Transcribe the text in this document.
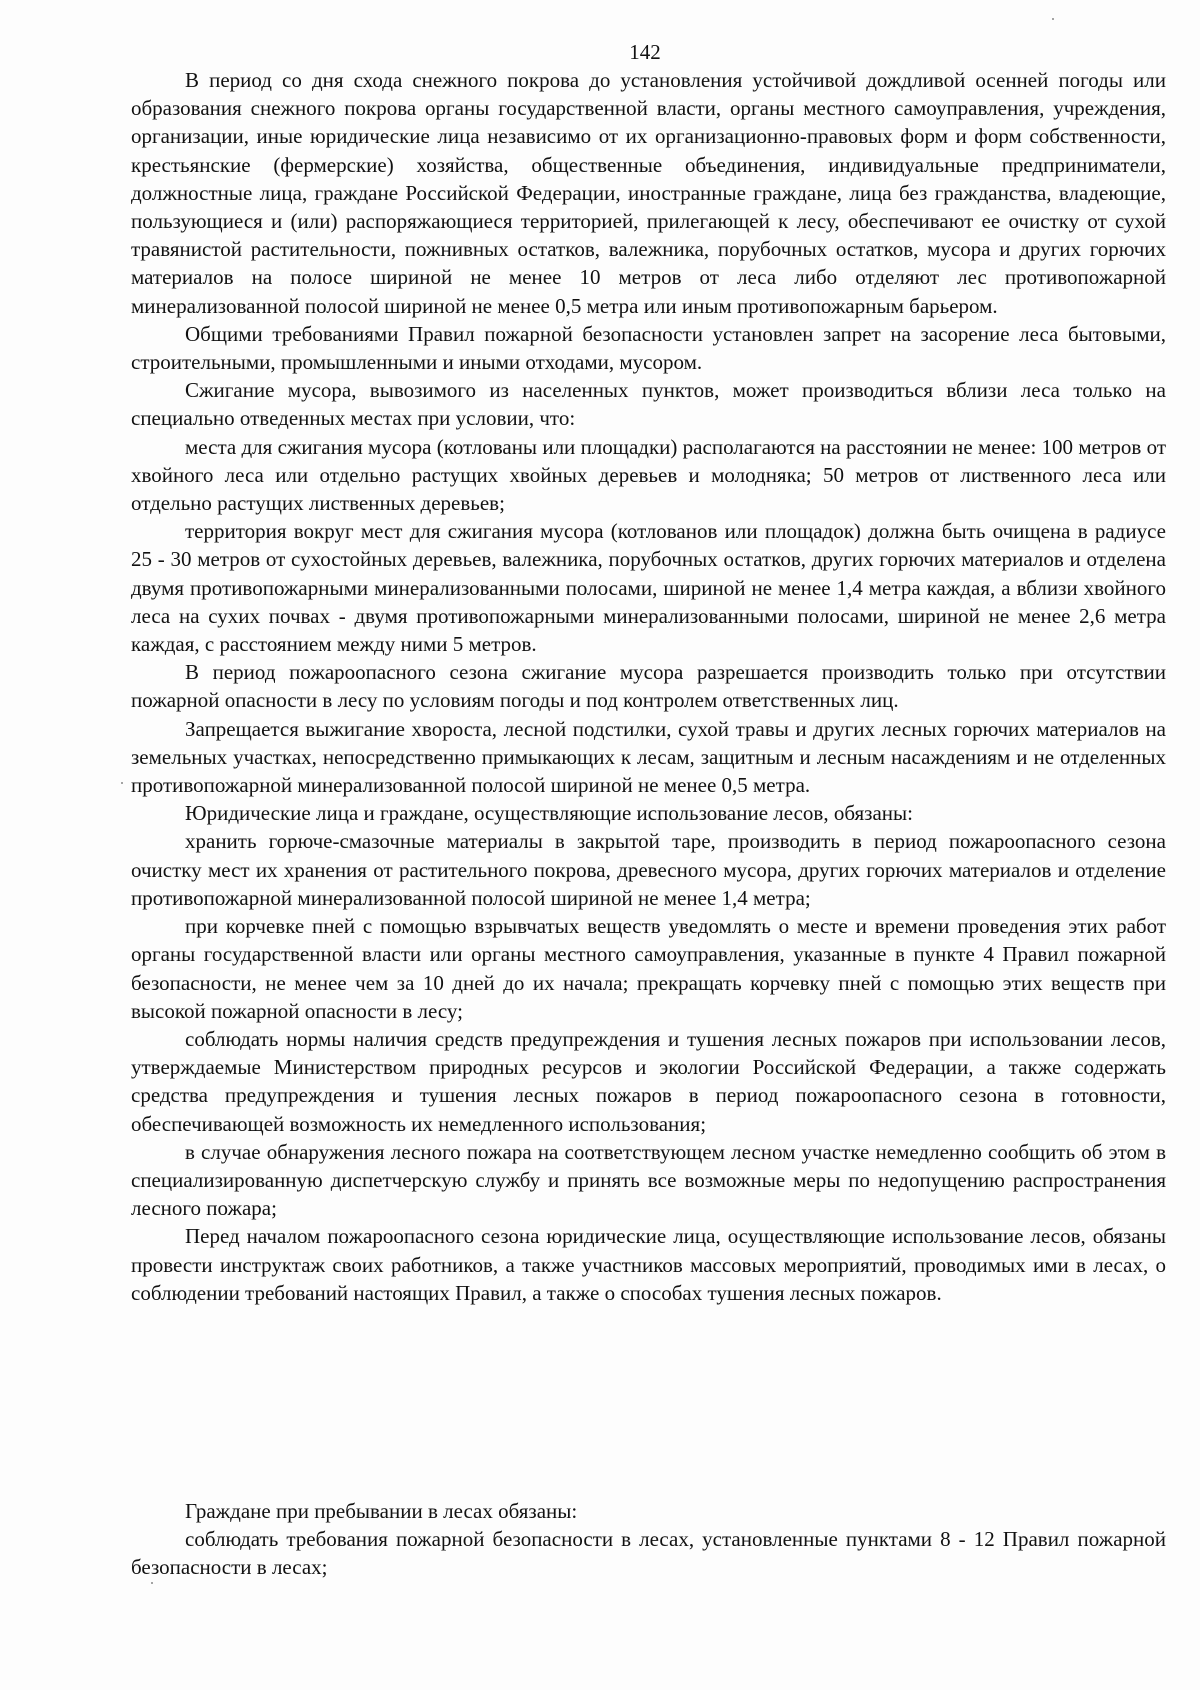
142

В период со дня схода снежного покрова до установления устойчивой дождливой осенней погоды или образования снежного покрова органы государственной власти, органы местного самоуправления, учреждения, организации, иные юридические лица независимо от их организационно-правовых форм и форм собственности, крестьянские (фермерские) хозяйства, общественные объединения, индивидуальные предприниматели, должностные лица, граждане Российской Федерации, иностранные граждане, лица без гражданства, владеющие, пользующиеся и (или) распоряжающиеся территорией, прилегающей к лесу, обеспечивают ее очистку от сухой травянистой растительности, пожнивных остатков, валежника, порубочных остатков, мусора и других горючих материалов на полосе шириной не менее 10 метров от леса либо отделяют лес противопожарной минерализованной полосой шириной не менее 0,5 метра или иным противопожарным барьером.

Общими требованиями Правил пожарной безопасности установлен запрет на засорение леса бытовыми, строительными, промышленными и иными отходами, мусором.

Сжигание мусора, вывозимого из населенных пунктов, может производиться вблизи леса только на специально отведенных местах при условии, что:

места для сжигания мусора (котлованы или площадки) располагаются на расстоянии не менее: 100 метров от хвойного леса или отдельно растущих хвойных деревьев и молодняка; 50 метров от лиственного леса или отдельно растущих лиственных деревьев;

территория вокруг мест для сжигания мусора (котлованов или площадок) должна быть очищена в радиусе 25 - 30 метров от сухостойных деревьев, валежника, порубочных остатков, других горючих материалов и отделена двумя противопожарными минерализованными полосами, шириной не менее 1,4 метра каждая, а вблизи хвойного леса на сухих почвах - двумя противопожарными минерализованными полосами, шириной не менее 2,6 метра каждая, с расстоянием между ними 5 метров.

В период пожароопасного сезона сжигание мусора разрешается производить только при отсутствии пожарной опасности в лесу по условиям погоды и под контролем ответственных лиц.

Запрещается выжигание хвороста, лесной подстилки, сухой травы и других лесных горючих материалов на земельных участках, непосредственно примыкающих к лесам, защитным и лесным насаждениям и не отделенных противопожарной минерализованной полосой шириной не менее 0,5 метра.

Юридические лица и граждане, осуществляющие использование лесов, обязаны:

хранить горюче-смазочные материалы в закрытой таре, производить в период пожароопасного сезона очистку мест их хранения от растительного покрова, древесного мусора, других горючих материалов и отделение противопожарной минерализованной полосой шириной не менее 1,4 метра;

при корчевке пней с помощью взрывчатых веществ уведомлять о месте и времени проведения этих работ органы государственной власти или органы местного самоуправления, указанные в пункте 4 Правил пожарной безопасности, не менее чем за 10 дней до их начала; прекращать корчевку пней с помощью этих веществ при высокой пожарной опасности в лесу;

соблюдать нормы наличия средств предупреждения и тушения лесных пожаров при использовании лесов, утверждаемые Министерством природных ресурсов и экологии Российской Федерации, а также содержать средства предупреждения и тушения лесных пожаров в период пожароопасного сезона в готовности, обеспечивающей возможность их немедленного использования;

в случае обнаружения лесного пожара на соответствующем лесном участке немедленно сообщить об этом в специализированную диспетчерскую службу и принять все возможные меры по недопущению распространения лесного пожара;

Перед началом пожароопасного сезона юридические лица, осуществляющие использование лесов, обязаны провести инструктаж своих работников, а также участников массовых мероприятий, проводимых ими в лесах, о соблюдении требований настоящих Правил, а также о способах тушения лесных пожаров.

Граждане при пребывании в лесах обязаны:

соблюдать требования пожарной безопасности в лесах, установленные пунктами 8 - 12 Правил пожарной безопасности в лесах;
